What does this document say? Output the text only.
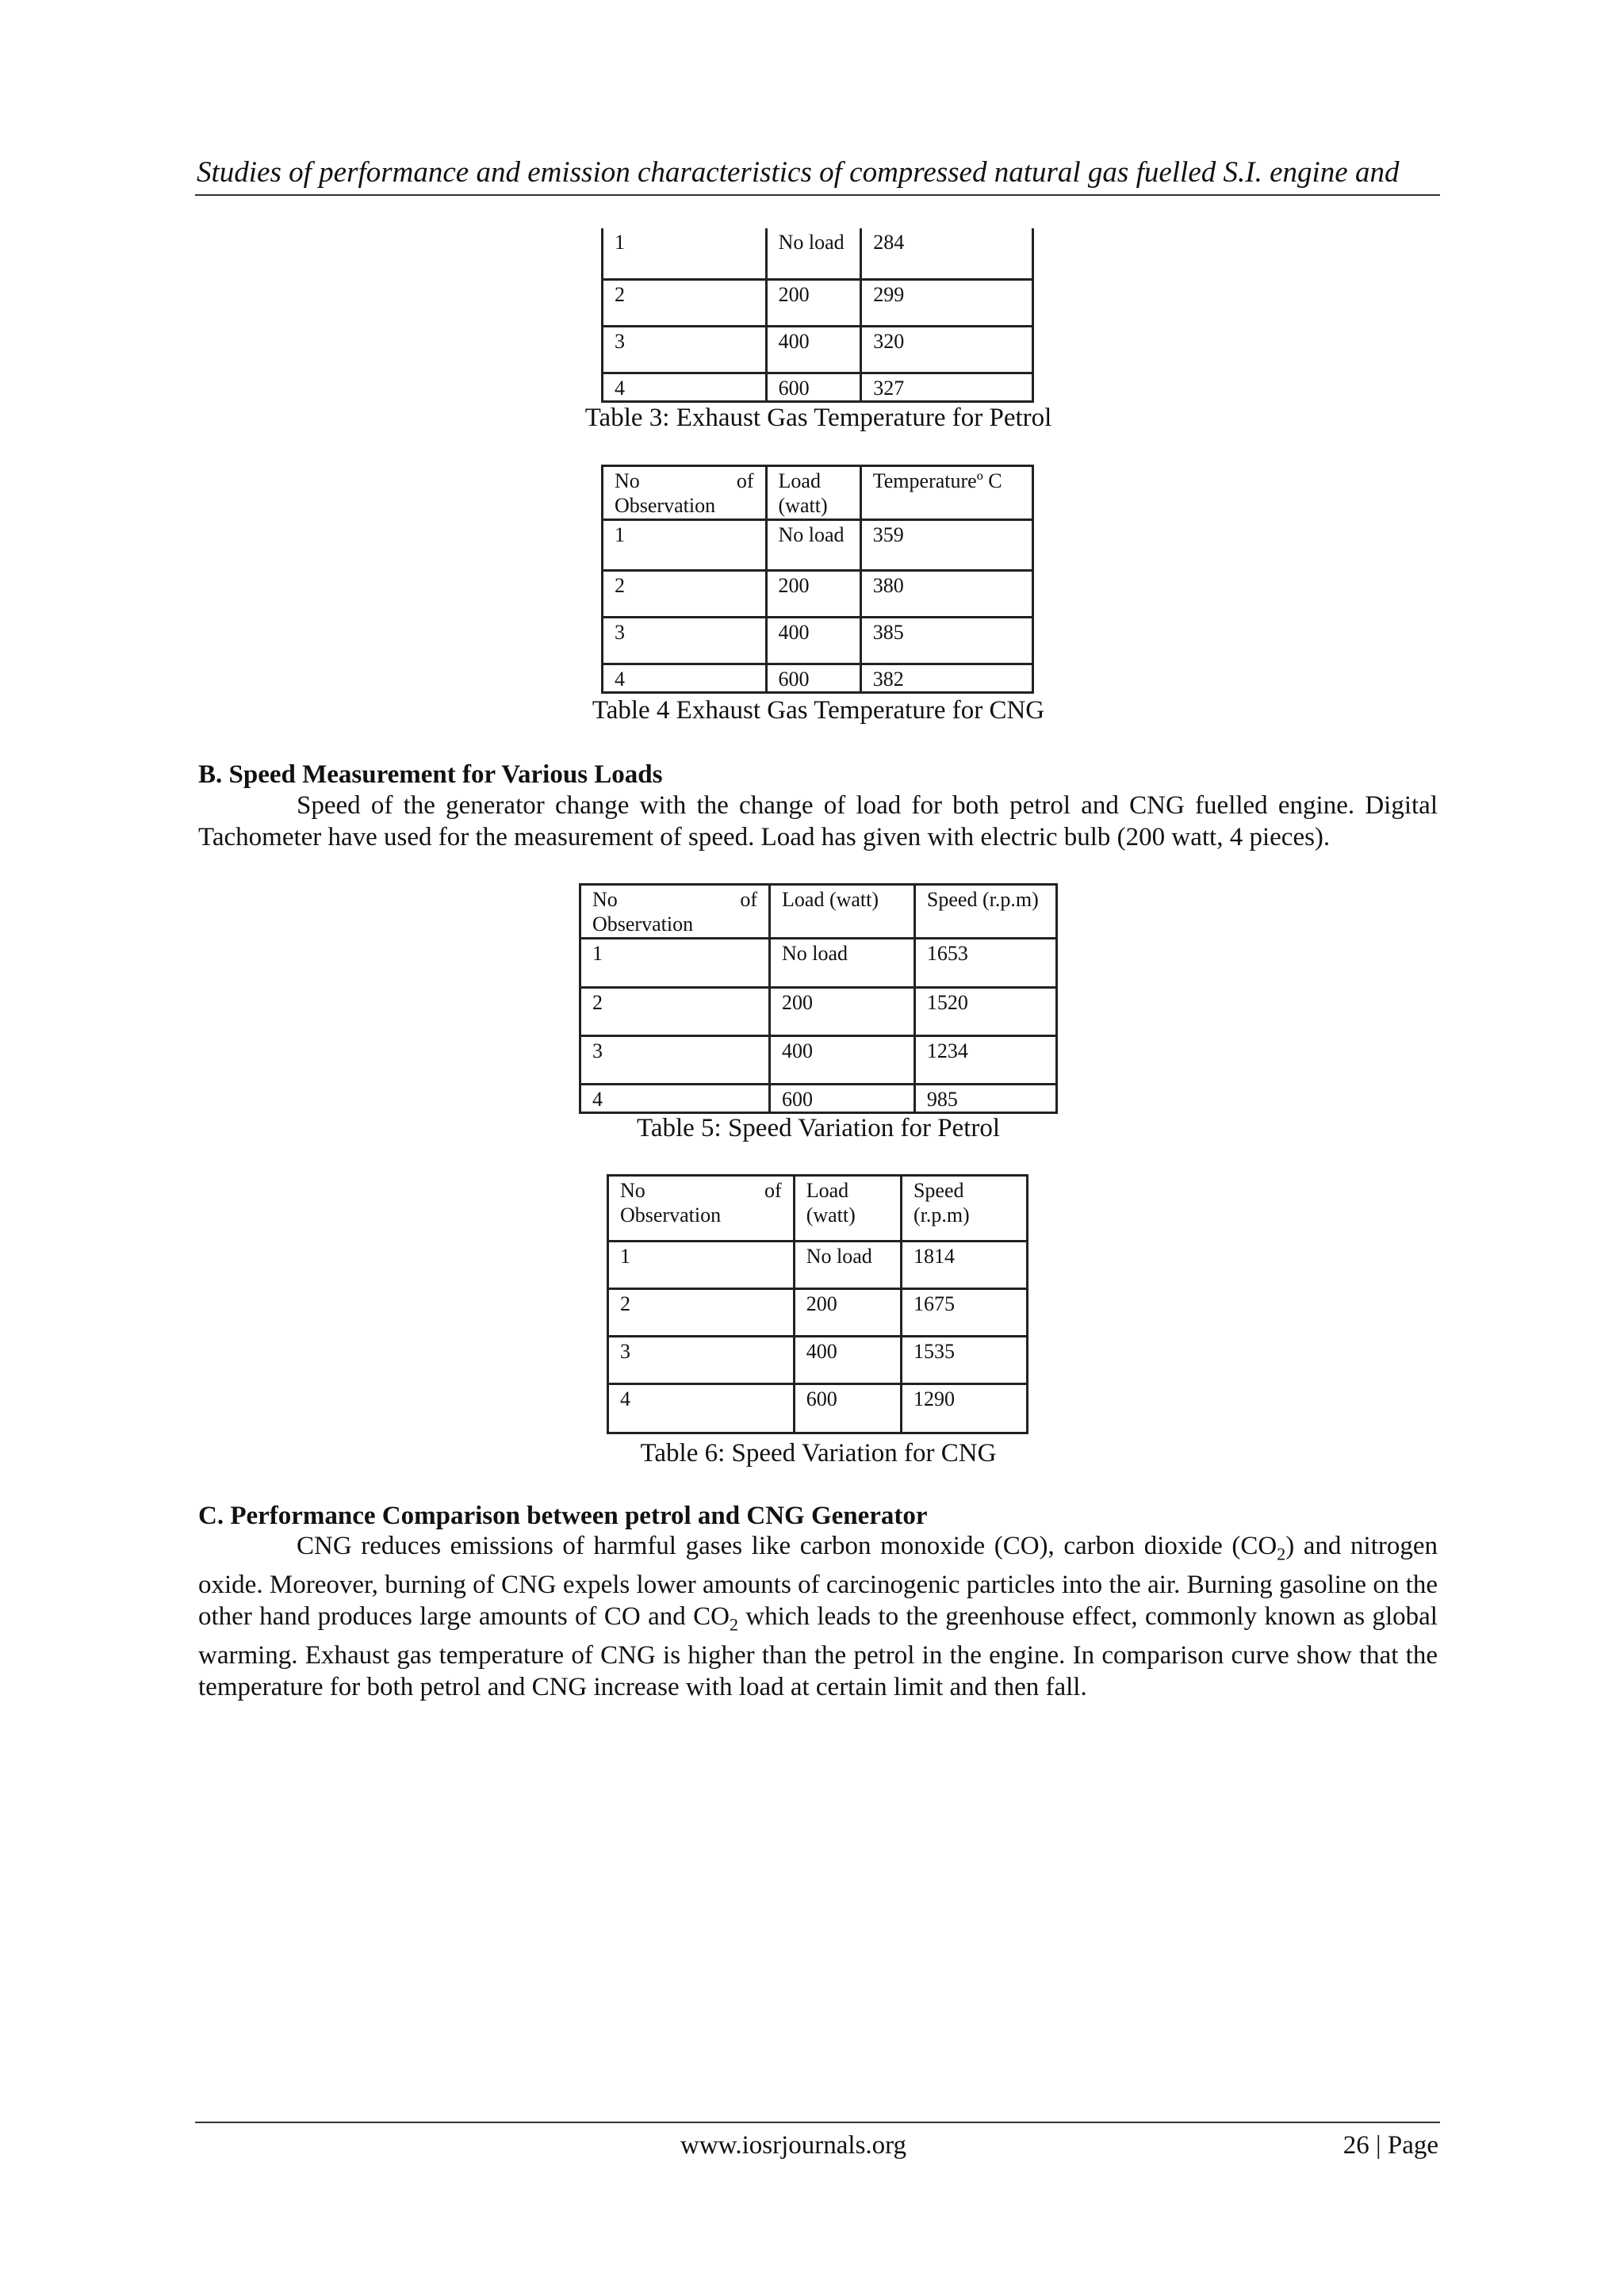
Studies of performance and emission characteristics of compressed natural gas fuelled S.I. engine and
1	No load	284
2	200	299
3	400	320
4	600	327
Table 3: Exhaust Gas Temperature for Petrol
No of
Observation	Load (watt)	Temperatureº C
1	No load	359
2	200	380
3	400	385
4	600	382
Table 4 Exhaust Gas Temperature for CNG
B. Speed Measurement for Various Loads
Speed of the generator change with the change of load for both petrol and CNG fuelled engine. Digital Tachometer have used for the measurement of speed. Load has given with electric bulb (200 watt, 4 pieces).
No of
Observation	Load (watt)	Speed (r.p.m)
1	No load	1653
2	200	1520
3	400	1234
4	600	985
Table 5: Speed Variation for Petrol
No of
Observation	Load (watt)	Speed (r.p.m)
1	No load	1814
2	200	1675
3	400	1535
4	600	1290
Table 6: Speed Variation for CNG
C. Performance Comparison between petrol and CNG Generator
CNG reduces emissions of harmful gases like carbon monoxide (CO), carbon dioxide $(CO_2)$ and nitrogen oxide. Moreover, burning of CNG expels lower amounts of carcinogenic particles into the air. Burning gasoline on the other hand produces large amounts of CO and $CO_2$ which leads to the greenhouse effect, commonly known as global warming. Exhaust gas temperature of CNG is higher than the petrol in the engine. In comparison curve show that the temperature for both petrol and CNG increase with load at certain limit and then fall.
www.iosrjournals.org	26 | Page
